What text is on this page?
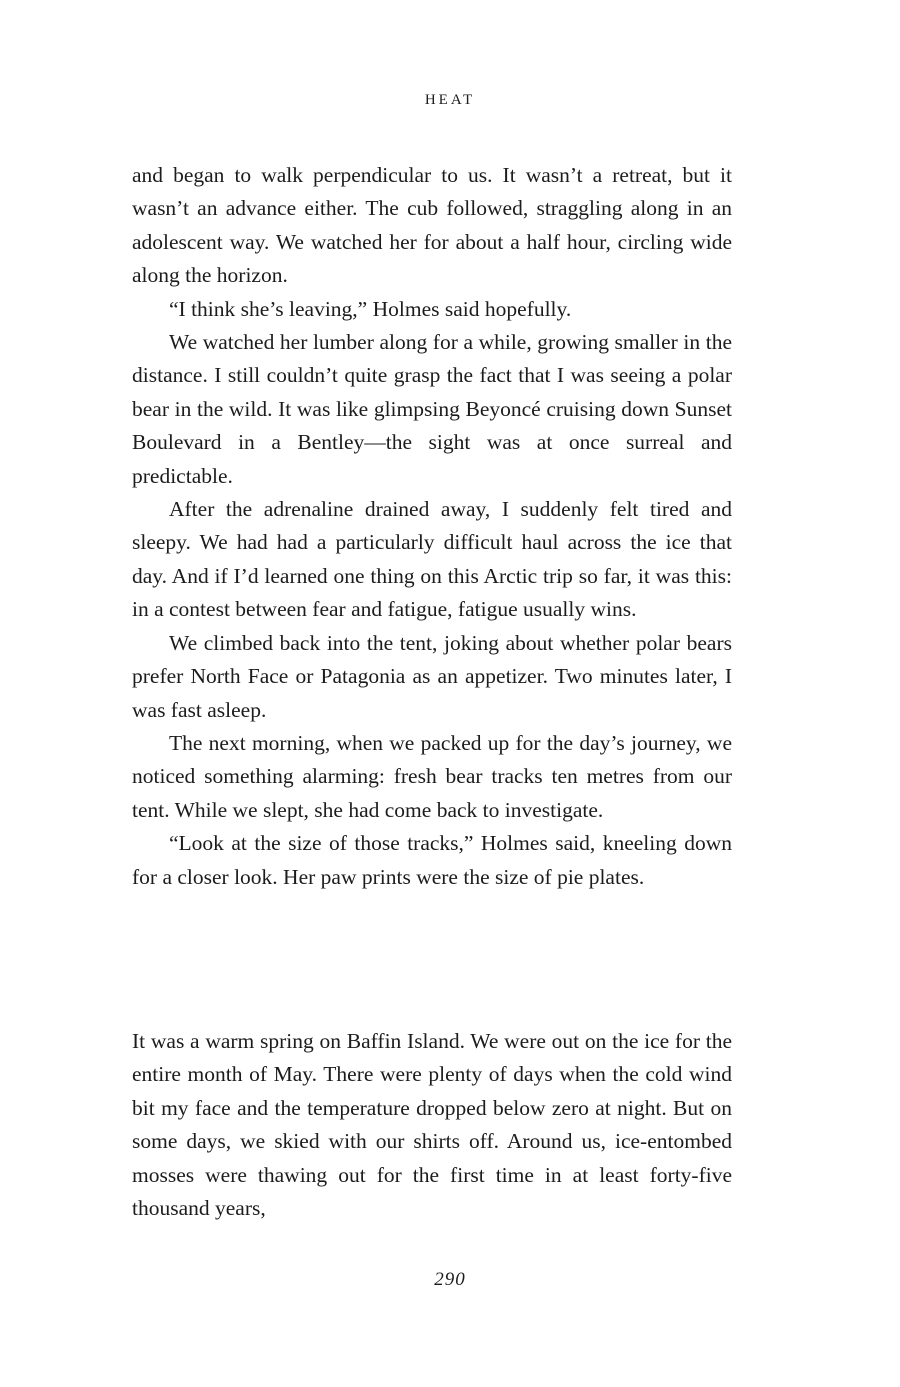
HEAT

and began to walk perpendicular to us. It wasn’t a retreat, but it wasn’t an advance either. The cub followed, straggling along in an adolescent way. We watched her for about a half hour, circling wide along the horizon.

“I think she’s leaving,” Holmes said hopefully.

We watched her lumber along for a while, growing smaller in the distance. I still couldn’t quite grasp the fact that I was seeing a polar bear in the wild. It was like glimpsing Beyoncé cruising down Sunset Boulevard in a Bentley—the sight was at once surreal and predictable.

After the adrenaline drained away, I suddenly felt tired and sleepy. We had had a particularly difficult haul across the ice that day. And if I’d learned one thing on this Arctic trip so far, it was this: in a contest between fear and fatigue, fatigue usually wins.

We climbed back into the tent, joking about whether polar bears prefer North Face or Patagonia as an appetizer. Two minutes later, I was fast asleep.

The next morning, when we packed up for the day’s journey, we noticed something alarming: fresh bear tracks ten metres from our tent. While we slept, she had come back to investigate.

“Look at the size of those tracks,” Holmes said, kneeling down for a closer look. Her paw prints were the size of pie plates.

It was a warm spring on Baffin Island. We were out on the ice for the entire month of May. There were plenty of days when the cold wind bit my face and the temperature dropped below zero at night. But on some days, we skied with our shirts off. Around us, ice-entombed mosses were thawing out for the first time in at least forty-five thousand years,

290
